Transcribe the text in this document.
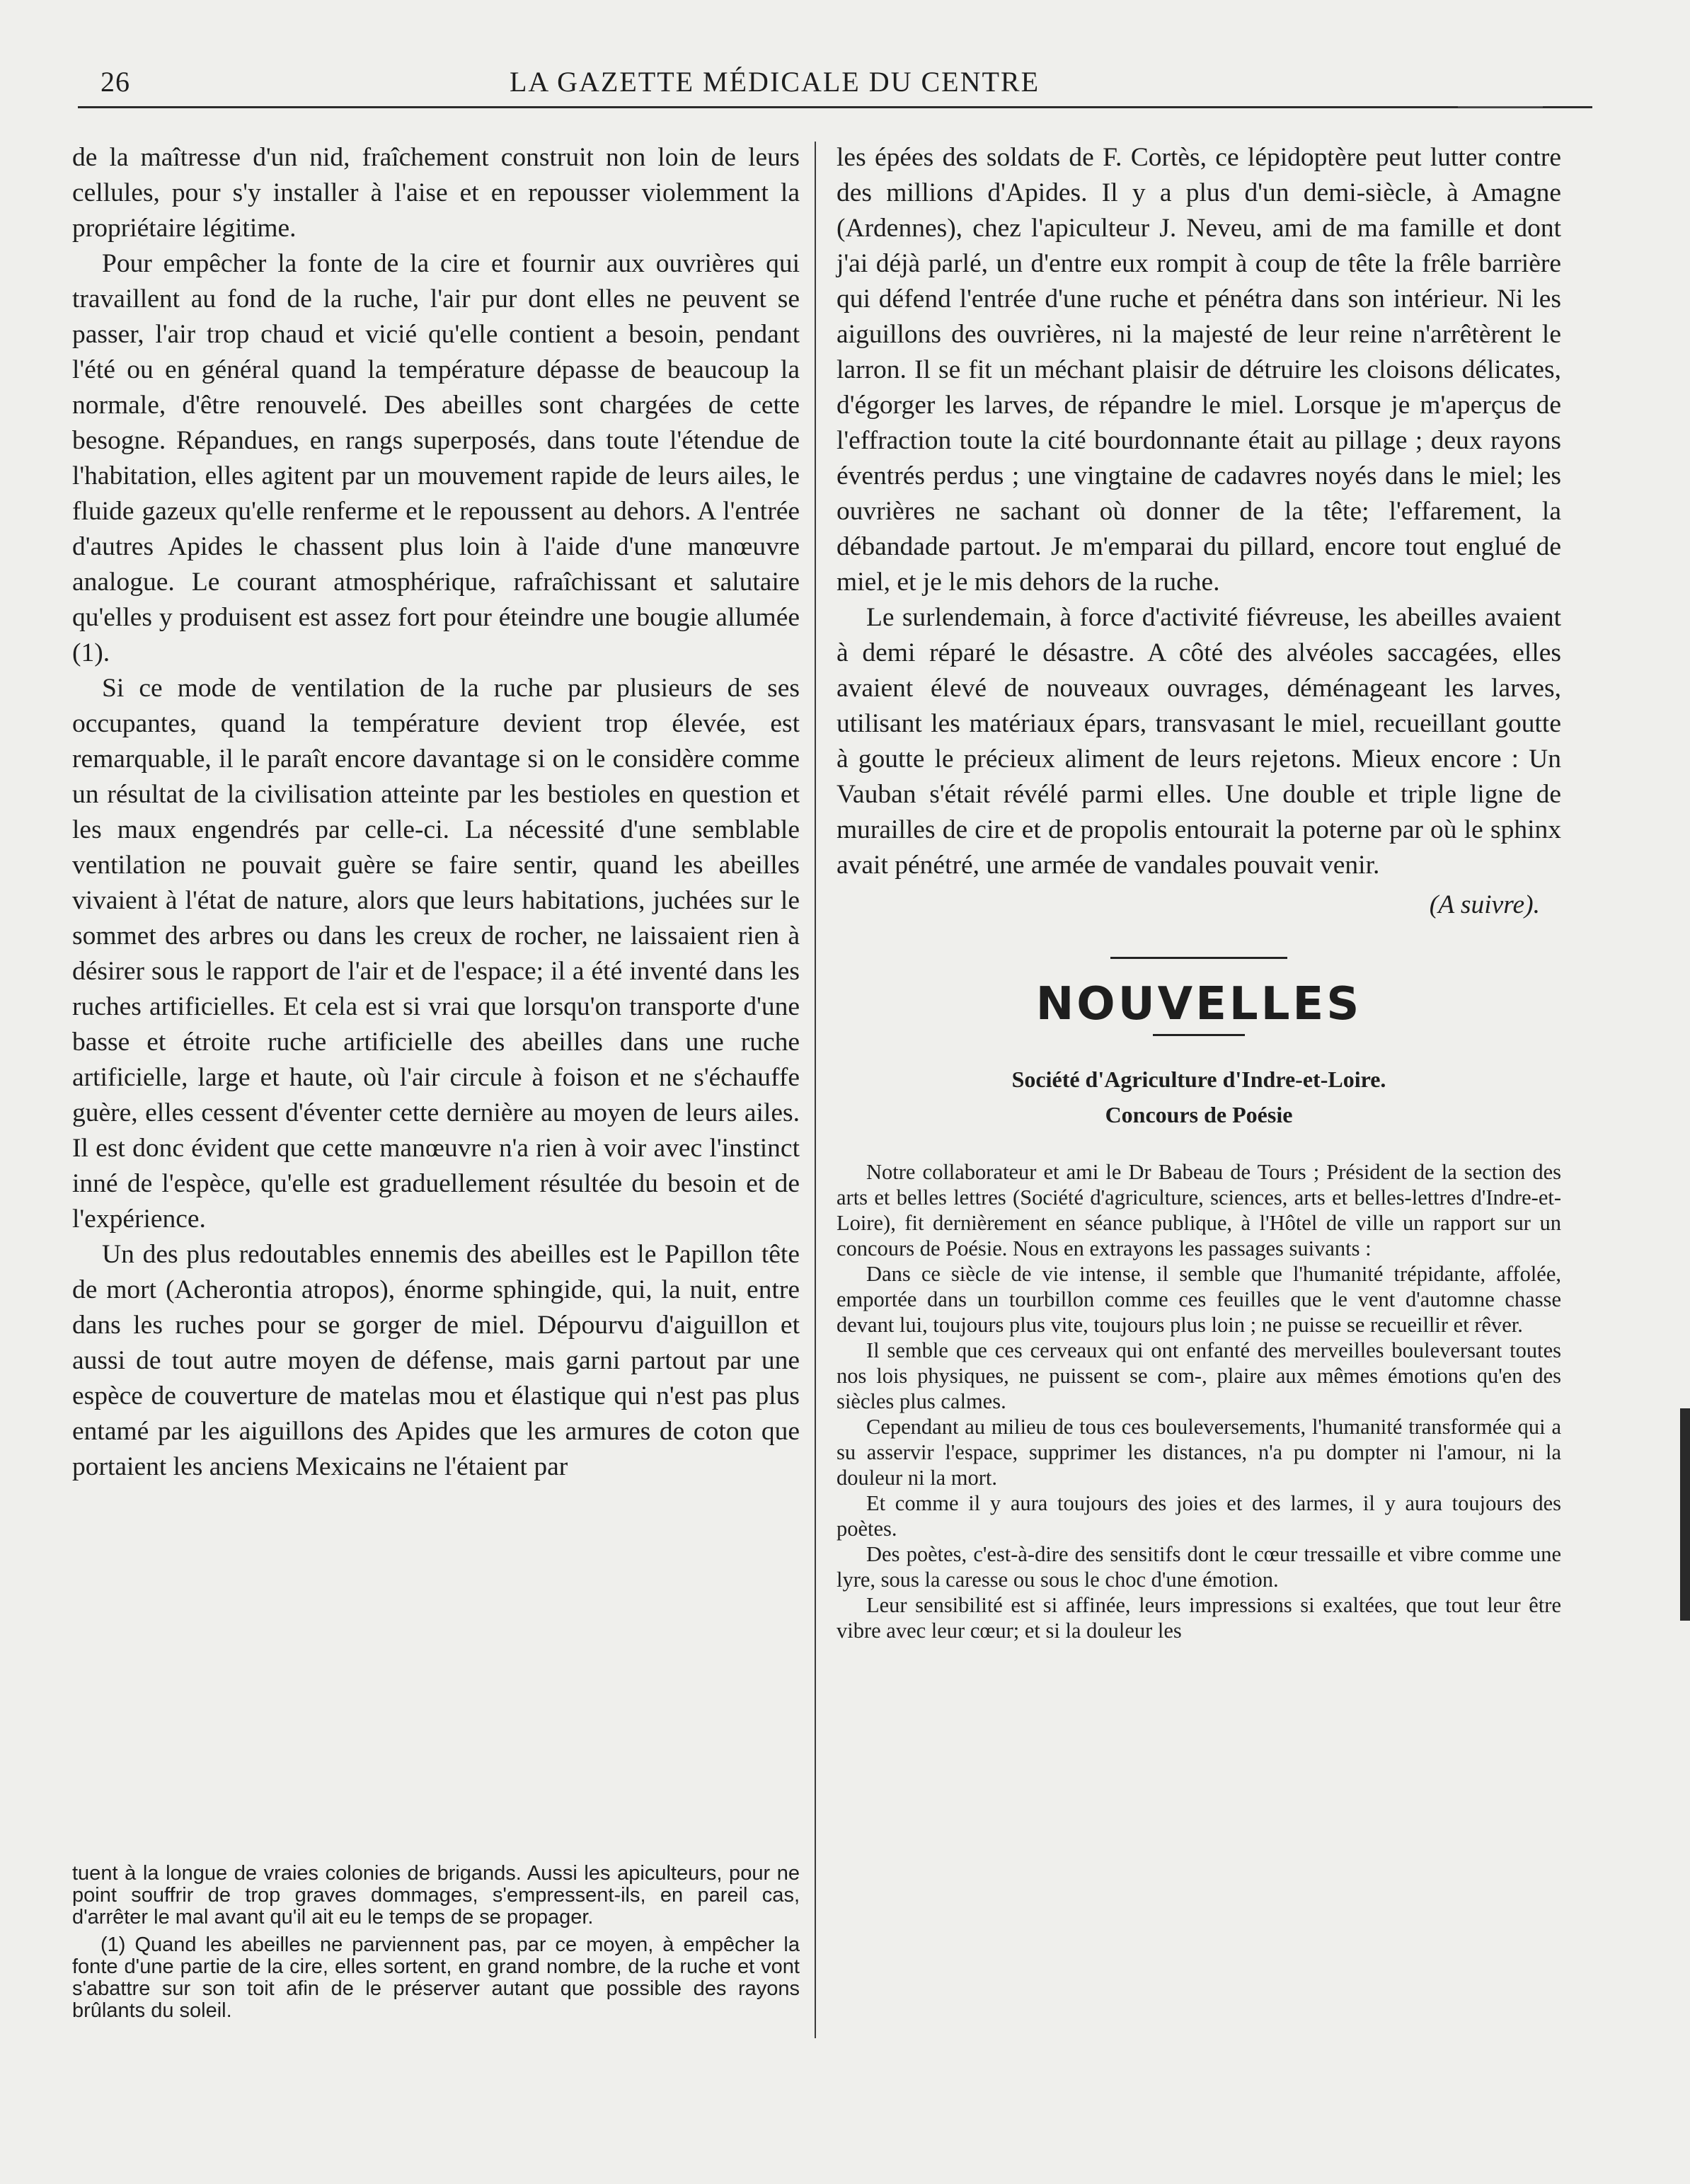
26	LA GAZETTE MÉDICALE DU CENTRE

de la maîtresse d'un nid, fraîchement construit non loin de leurs cellules, pour s'y installer à l'aise et en repousser violemment la propriétaire légitime.

Pour empêcher la fonte de la cire et fournir aux ouvrières qui travaillent au fond de la ruche, l'air pur dont elles ne peuvent se passer, l'air trop chaud et vicié qu'elle contient a besoin, pendant l'été ou en général quand la température dépasse de beaucoup la normale, d'être renouvelé. Des abeilles sont chargées de cette besogne. Répandues, en rangs superposés, dans toute l'étendue de l'habitation, elles agitent par un mouvement rapide de leurs ailes, le fluide gazeux qu'elle renferme et le repoussent au dehors. A l'entrée d'autres Apides le chassent plus loin à l'aide d'une manœuvre analogue. Le courant atmosphérique, rafraîchissant et salutaire qu'elles y produisent est assez fort pour éteindre une bougie allumée (1).

Si ce mode de ventilation de la ruche par plusieurs de ses occupantes, quand la température devient trop élevée, est remarquable, il le paraît encore davantage si on le considère comme un résultat de la civilisation atteinte par les bestioles en question et les maux engendrés par celle-ci. La nécessité d'une semblable ventilation ne pouvait guère se faire sentir, quand les abeilles vivaient à l'état de nature, alors que leurs habitations, juchées sur le sommet des arbres ou dans les creux de rocher, ne laissaient rien à désirer sous le rapport de l'air et de l'espace; il a été inventé dans les ruches artificielles. Et cela est si vrai que lorsqu'on transporte d'une basse et étroite ruche artificielle des abeilles dans une ruche artificielle, large et haute, où l'air circule à foison et ne s'échauffe guère, elles cessent d'éventer cette dernière au moyen de leurs ailes. Il est donc évident que cette manœuvre n'a rien à voir avec l'instinct inné de l'espèce, qu'elle est graduellement résultée du besoin et de l'expérience.

Un des plus redoutables ennemis des abeilles est le Papillon tête de mort (Acherontia atropos), énorme sphingide, qui, la nuit, entre dans les ruches pour se gorger de miel. Dépourvu d'aiguillon et aussi de tout autre moyen de défense, mais garni partout par une espèce de couverture de matelas mou et élastique qui n'est pas plus entamé par les aiguillons des Apides que les armures de coton que portaient les anciens Mexicains ne l'étaient par

les épées des soldats de F. Cortès, ce lépidoptère peut lutter contre des millions d'Apides. Il y a plus d'un demi-siècle, à Amagne (Ardennes), chez l'apiculteur J. Neveu, ami de ma famille et dont j'ai déjà parlé, un d'entre eux rompit à coup de tête la frêle barrière qui défend l'entrée d'une ruche et pénétra dans son intérieur. Ni les aiguillons des ouvrières, ni la majesté de leur reine n'arrêtèrent le larron. Il se fit un méchant plaisir de détruire les cloisons délicates, d'égorger les larves, de répandre le miel. Lorsque je m'aperçus de l'effraction toute la cité bourdonnante était au pillage ; deux rayons éventrés perdus ; une vingtaine de cadavres noyés dans le miel; les ouvrières ne sachant où donner de la tête; l'effarement, la débandade partout. Je m'emparai du pillard, encore tout englué de miel, et je le mis dehors de la ruche.

Le surlendemain, à force d'activité fiévreuse, les abeilles avaient à demi réparé le désastre. A côté des alvéoles saccagées, elles avaient élevé de nouveaux ouvrages, déménageant les larves, utilisant les matériaux épars, transvasant le miel, recueillant goutte à goutte le précieux aliment de leurs rejetons. Mieux encore : Un Vauban s'était révélé parmi elles. Une double et triple ligne de murailles de cire et de propolis entourait la poterne par où le sphinx avait pénétré, une armée de vandales pouvait venir.

(A suivre).
NOUVELLES
Société d'Agriculture d'Indre-et-Loire.
Concours de Poésie

Notre collaborateur et ami le Dr Babeau de Tours ; Président de la section des arts et belles lettres (Société d'agriculture, sciences, arts et belles-lettres d'Indre-et-Loire), fit dernièrement en séance publique, à l'Hôtel de ville un rapport sur un concours de Poésie. Nous en extrayons les passages suivants :

Dans ce siècle de vie intense, il semble que l'humanité trépidante, affolée, emportée dans un tourbillon comme ces feuilles que le vent d'automne chasse devant lui, toujours plus vite, toujours plus loin ; ne puisse se recueillir et rêver.

Il semble que ces cerveaux qui ont enfanté des merveilles bouleversant toutes nos lois physiques, ne puissent se com-, plaire aux mêmes émotions qu'en des siècles plus calmes.

Cependant au milieu de tous ces bouleversements, l'humanité transformée qui a su asservir l'espace, supprimer les distances, n'a pu dompter ni l'amour, ni la douleur ni la mort.

Et comme il y aura toujours des joies et des larmes, il y aura toujours des poètes.

Des poètes, c'est-à-dire des sensitifs dont le cœur tressaille et vibre comme une lyre, sous la caresse ou sous le choc d'une émotion.

Leur sensibilité est si affinée, leurs impressions si exaltées, que tout leur être vibre avec leur cœur; et si la douleur les

tuent à la longue de vraies colonies de brigands. Aussi les apiculteurs, pour ne point souffrir de trop graves dommages, s'empressent-ils, en pareil cas, d'arrêter le mal avant qu'il ait eu le temps de se propager.

(1) Quand les abeilles ne parviennent pas, par ce moyen, à empêcher la fonte d'une partie de la cire, elles sortent, en grand nombre, de la ruche et vont s'abattre sur son toit afin de le préserver autant que possible des rayons brûlants du soleil.
